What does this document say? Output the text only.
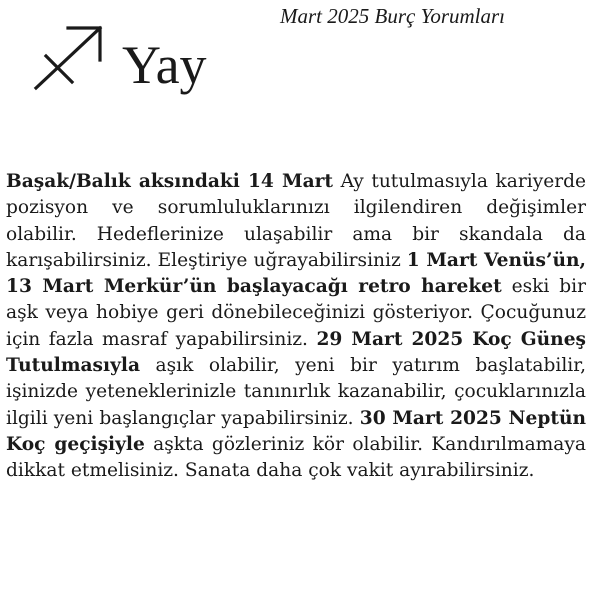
Mart 2025 Burç Yorumları
Yay
Başak/Balık aksındaki 14 Mart Ay tutulmasıyla kariyerde pozisyon ve sorumluluklarınızı ilgilendiren değişimler olabilir. Hedeflerinize ulaşabilir ama bir skandala da karışabilirsiniz. Eleştiriye uğrayabilirsiniz 1 Mart Venüs’ün, 13 Mart Merkür’ün başlayacağı retro hareket eski bir aşk veya hobiye geri dönebileceğinizi gösteriyor. Çocuğunuz için fazla masraf yapabilirsiniz. 29 Mart 2025 Koç Güneş Tutulmasıyla aşık olabilir, yeni bir yatırım başlatabilir, işinizde yeteneklerinizle tanınırlık kazanabilir, çocuklarınızla ilgili yeni başlangıçlar yapabilirsiniz. 30 Mart 2025 Neptün Koç geçişiyle aşkta gözleriniz kör olabilir. Kandırılmamaya dikkat etmelisiniz. Sanata daha çok vakit ayırabilirsiniz.
